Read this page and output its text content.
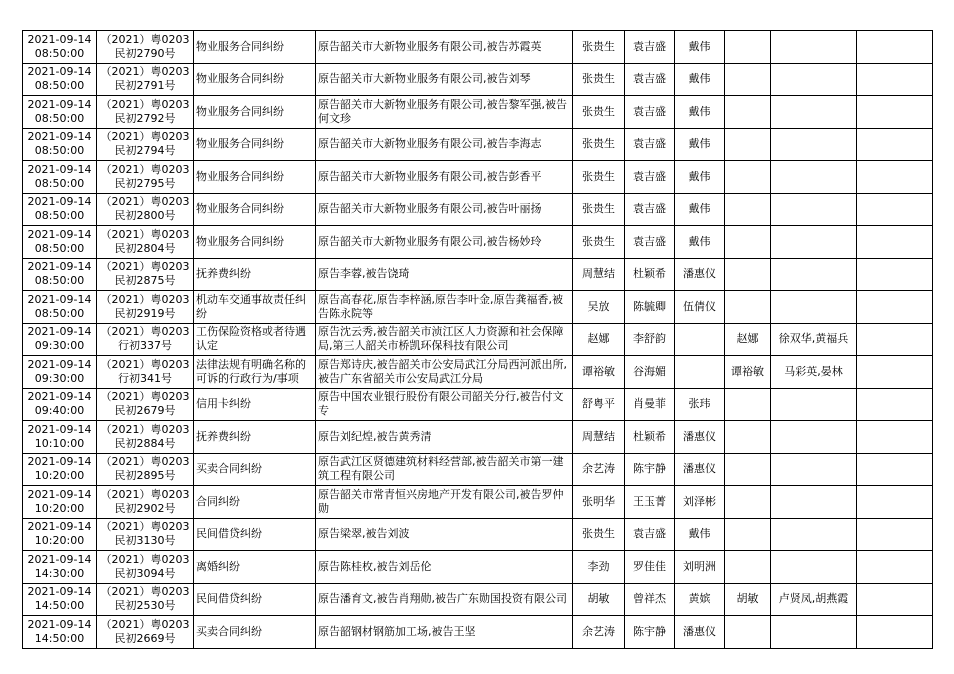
2021-09-14 08:50:00	（2021）粤0203民初2790号	物业服务合同纠纷	原告韶关市大新物业服务有限公司,被告苏霞英	张贵生	袁吉盛	戴伟			
2021-09-14 08:50:00	（2021）粤0203民初2791号	物业服务合同纠纷	原告韶关市大新物业服务有限公司,被告刘琴	张贵生	袁吉盛	戴伟			
2021-09-14 08:50:00	（2021）粤0203民初2792号	物业服务合同纠纷	原告韶关市大新物业服务有限公司,被告黎军强,被告何文珍	张贵生	袁吉盛	戴伟			
2021-09-14 08:50:00	（2021）粤0203民初2794号	物业服务合同纠纷	原告韶关市大新物业服务有限公司,被告李海志	张贵生	袁吉盛	戴伟			
2021-09-14 08:50:00	（2021）粤0203民初2795号	物业服务合同纠纷	原告韶关市大新物业服务有限公司,被告彭香平	张贵生	袁吉盛	戴伟			
2021-09-14 08:50:00	（2021）粤0203民初2800号	物业服务合同纠纷	原告韶关市大新物业服务有限公司,被告叶丽扬	张贵生	袁吉盛	戴伟			
2021-09-14 08:50:00	（2021）粤0203民初2804号	物业服务合同纠纷	原告韶关市大新物业服务有限公司,被告杨妙玲	张贵生	袁吉盛	戴伟			
2021-09-14 08:50:00	（2021）粤0203民初2875号	抚养费纠纷	原告李蓉,被告饶琦	周慧结	杜颖希	潘惠仪			
2021-09-14 08:50:00	（2021）粤0203民初2919号	机动车交通事故责任纠纷	原告高春花,原告李梓涵,原告李叶金,原告龚福香,被告陈永院等	吴放	陈毓卿	伍倩仪			
2021-09-14 09:30:00	（2021）粤0203行初337号	工伤保险资格或者待遇认定	原告沈云秀,被告韶关市浈江区人力资源和社会保障局,第三人韶关市桥凯环保科技有限公司	赵娜	李舒韵		赵娜	徐双华,黄福兵	
2021-09-14 09:30:00	（2021）粤0203行初341号	法律法规有明确名称的可诉的行政行为/事项	原告郑诗庆,被告韶关市公安局武江分局西河派出所,被告广东省韶关市公安局武江分局	谭裕敏	谷海媚		谭裕敏	马彩英,晏林	
2021-09-14 09:40:00	（2021）粤0203民初2679号	信用卡纠纷	原告中国农业银行股份有限公司韶关分行,被告付文专	舒粤平	肖曼菲	张玮			
2021-09-14 10:10:00	（2021）粤0203民初2884号	抚养费纠纷	原告刘纪煌,被告黄秀清	周慧结	杜颖希	潘惠仪			
2021-09-14 10:20:00	（2021）粤0203民初2895号	买卖合同纠纷	原告武江区贤德建筑材料经营部,被告韶关市第一建筑工程有限公司	余艺涛	陈宇静	潘惠仪			
2021-09-14 10:20:00	（2021）粤0203民初2902号	合同纠纷	原告韶关市常青恒兴房地产开发有限公司,被告罗仲勋	张明华	王玉菁	刘泽彬			
2021-09-14 10:20:00	（2021）粤0203民初3130号	民间借贷纠纷	原告梁翠,被告刘波	张贵生	袁吉盛	戴伟			
2021-09-14 14:30:00	（2021）粤0203民初3094号	离婚纠纷	原告陈桂枚,被告刘岳伦	李劲	罗佳佳	刘明洲			
2021-09-14 14:50:00	（2021）粤0203民初2530号	民间借贷纠纷	原告潘育文,被告肖翔勋,被告广东勋国投资有限公司	胡敏	曾祥杰	黄嫔	胡敏	卢贤凤,胡燕霞	
2021-09-14 14:50:00	（2021）粤0203民初2669号	买卖合同纠纷	原告韶钢材钢筋加工场,被告王坚	余艺涛	陈宇静	潘惠仪			
